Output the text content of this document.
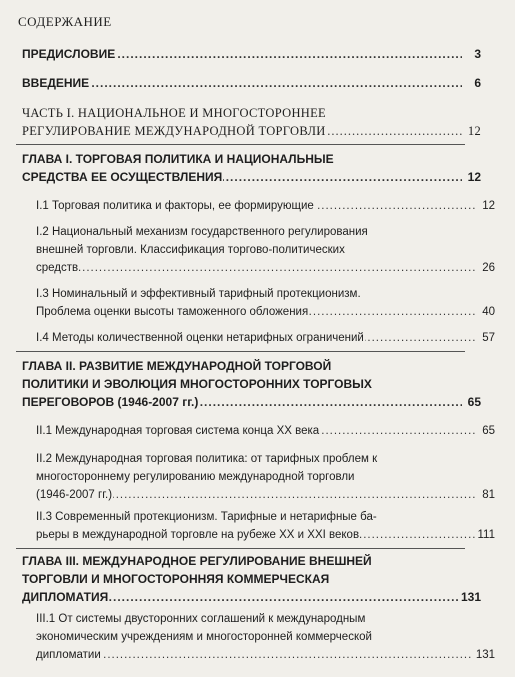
СОДЕРЖАНИЕ
ПРЕДИСЛОВИЕ	3
.....
ВВЕДЕНИЕ	6
.....
ЧАСТЬ I. НАЦИОНАЛЬНОЕ И МНОГОСТОРОННЕЕ
РЕГУЛИРОВАНИЕ МЕЖДУНАРОДНОЙ ТОРГОВЛИ	12
.....
ГЛАВА I. ТОРГОВАЯ ПОЛИТИКА И НАЦИОНАЛЬНЫЕ
СРЕДСТВА ЕЕ ОСУЩЕСТВЛЕНИЯ	12
.....
I.1 Торговая политика и факторы, ее формирующие	12
.....
I.2 Национальный механизм государственного регулирования
внешней торговли. Классификация торгово-политических
средств	26
.....
I.3 Номинальный и эффективный тарифный протекционизм.
Проблема оценки высоты таможенного обложения	40
.....
I.4 Методы количественной оценки нетарифных ограничений	57
.....
ГЛАВА II. РАЗВИТИЕ МЕЖДУНАРОДНОЙ ТОРГОВОЙ
ПОЛИТИКИ И ЭВОЛЮЦИЯ МНОГОСТОРОННИХ ТОРГОВЫХ
ПЕРЕГОВОРОВ (1946-2007 гг.)	65
.....
II.1 Международная торговая система конца XX века	65
.....
II.2 Международная торговая политика: от тарифных проблем к
многостороннему регулированию международной торговли
(1946-2007 гг.)	81
.....
II.3 Современный протекционизм. Тарифные и нетарифные ба-
рьеры в международной торговле на рубеже XX и XXI веков	111
.....
ГЛАВА III. МЕЖДУНАРОДНОЕ РЕГУЛИРОВАНИЕ ВНЕШНЕЙ
ТОРГОВЛИ И МНОГОСТОРОННЯЯ КОММЕРЧЕСКАЯ
ДИПЛОМАТИЯ	131
.....
III.1 От системы двусторонних соглашений к международным
экономическим учреждениям и многосторонней коммерческой
дипломатии	131
.....
